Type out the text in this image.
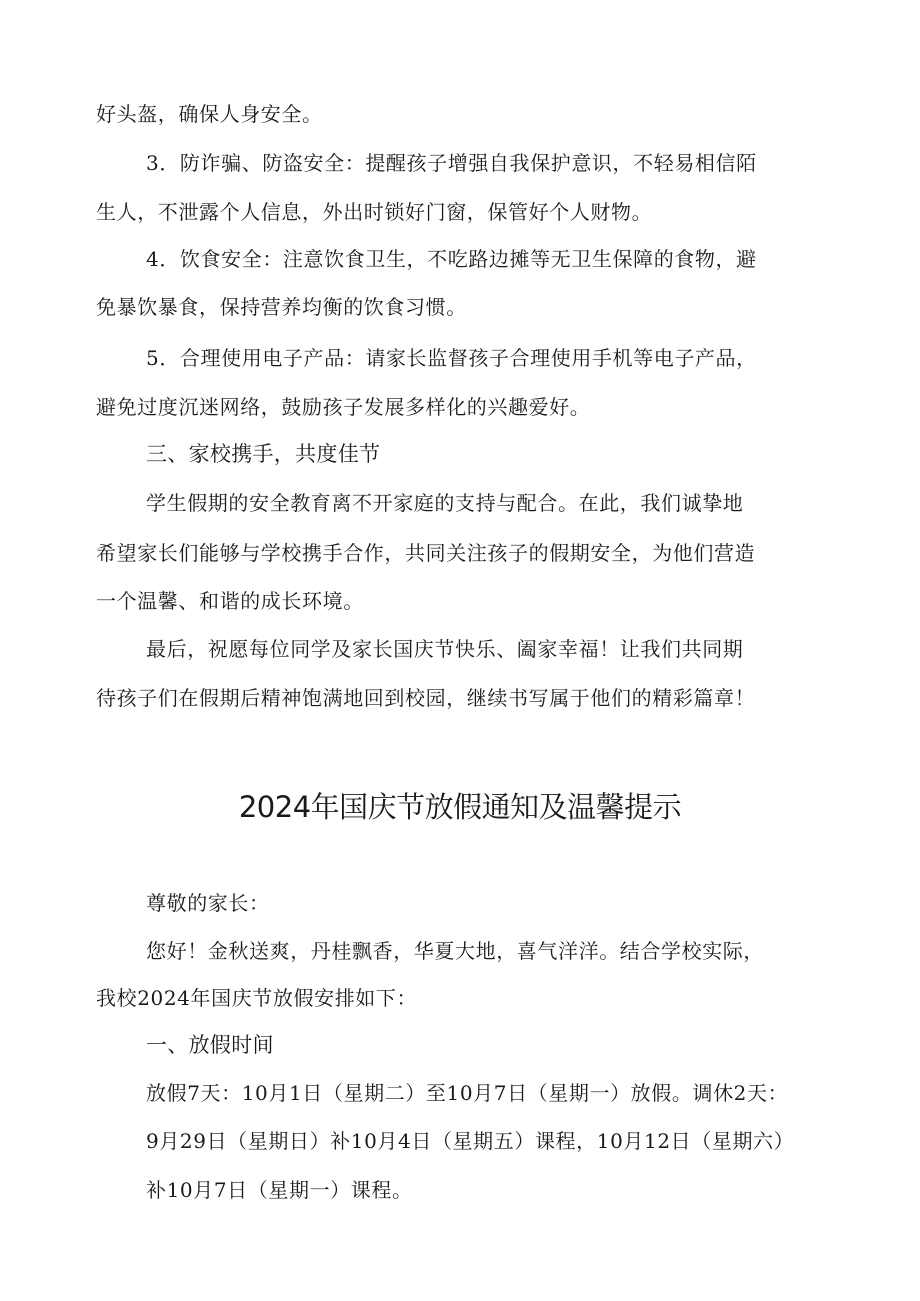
好头盔，确保人身安全。
3．防诈骗、防盗安全：提醒孩子增强自我保护意识，不轻易相信陌
生人，不泄露个人信息，外出时锁好门窗，保管好个人财物。
4．饮食安全：注意饮食卫生，不吃路边摊等无卫生保障的食物，避
免暴饮暴食，保持营养均衡的饮食习惯。
5．合理使用电子产品：请家长监督孩子合理使用手机等电子产品，
避免过度沉迷网络，鼓励孩子发展多样化的兴趣爱好。
三、家校携手，共度佳节
学生假期的安全教育离不开家庭的支持与配合。在此，我们诚挚地
希望家长们能够与学校携手合作，共同关注孩子的假期安全，为他们营造
一个温馨、和谐的成长环境。
最后，祝愿每位同学及家长国庆节快乐、阖家幸福！让我们共同期
待孩子们在假期后精神饱满地回到校园，继续书写属于他们的精彩篇章！
2024年国庆节放假通知及温馨提示
尊敬的家长：
您好！金秋送爽，丹桂飘香，华夏大地，喜气洋洋。结合学校实际，
我校2024年国庆节放假安排如下：
一、放假时间
放假7天：10月1日（星期二）至10月7日（星期一）放假。调休2天：
9月29日（星期日）补10月4日（星期五）课程，10月12日（星期六）
补10月7日（星期一）课程。
